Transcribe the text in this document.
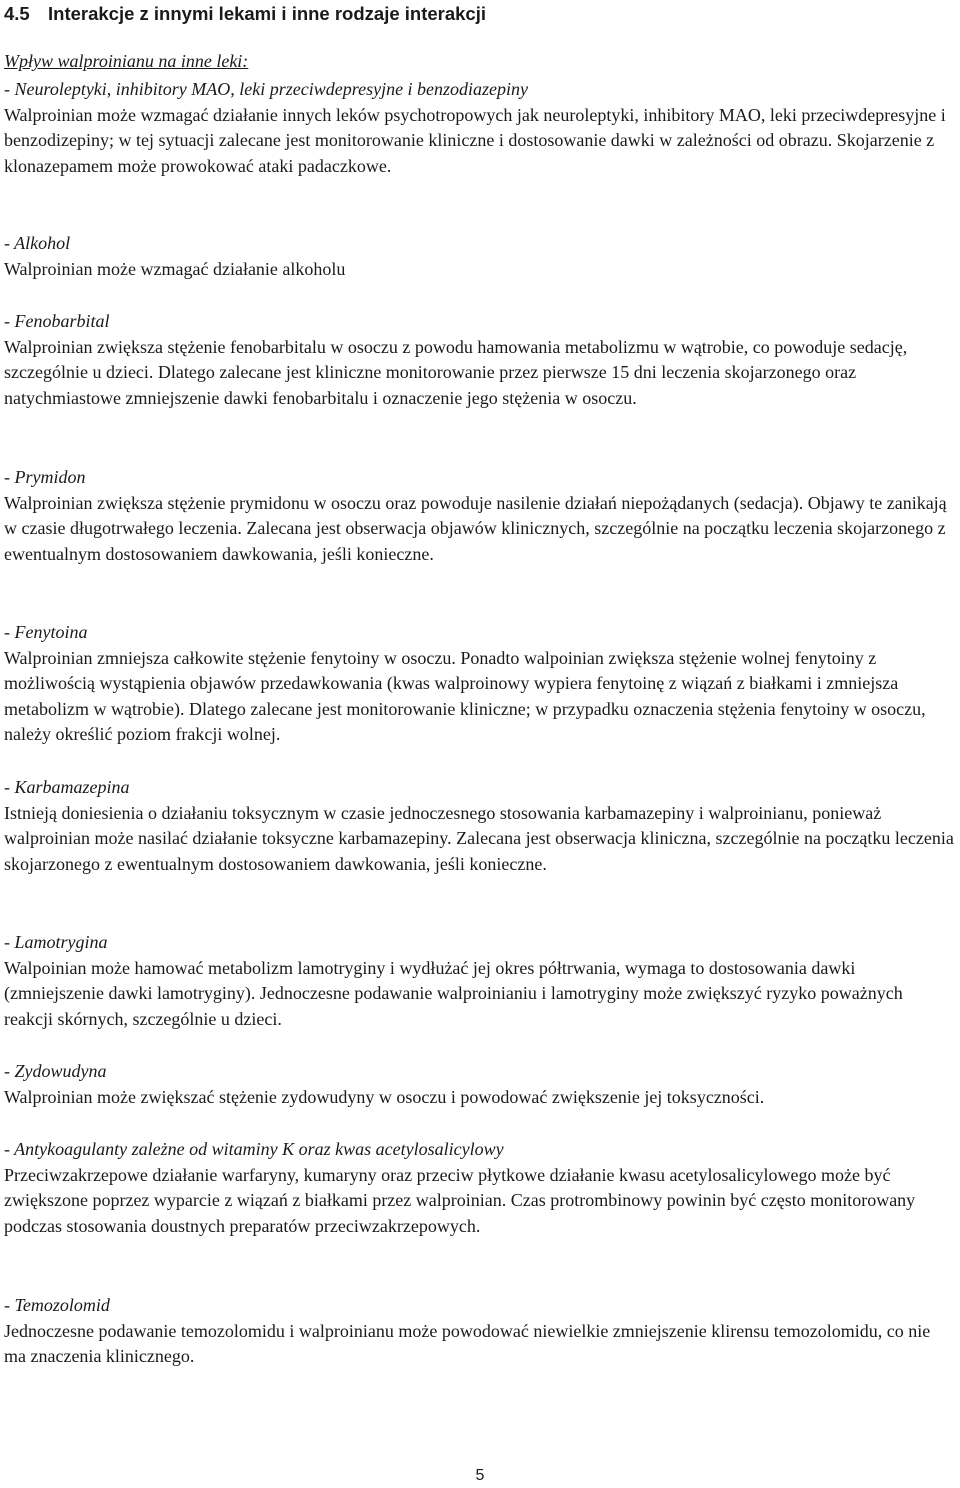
4.5 Interakcje z innymi lekami i inne rodzaje interakcji
Wpływ walproinianu na inne leki:
- Neuroleptyki, inhibitory MAO, leki przeciwdepresyjne i benzodiazepiny

Walproinian może wzmagać działanie innych leków psychotropowych jak neuroleptyki, inhibitory MAO, leki przeciwdepresyjne i benzodizepiny; w tej sytuacji zalecane jest monitorowanie kliniczne i dostosowanie dawki w zależności od obrazu. Skojarzenie z klonazepamem może prowokować ataki padaczkowe.

- Alkohol

Walproinian może wzmagać działanie alkoholu

- Fenobarbital

Walproinian zwiększa stężenie fenobarbitalu w osoczu z powodu hamowania metabolizmu w wątrobie, co powoduje sedację, szczególnie u dzieci. Dlatego zalecane jest kliniczne monitorowanie przez pierwsze 15 dni leczenia skojarzonego oraz natychmiastowe zmniejszenie dawki fenobarbitalu i oznaczenie jego stężenia w osoczu.

- Prymidon

Walproinian zwiększa stężenie prymidonu w osoczu oraz powoduje nasilenie działań niepożądanych (sedacja). Objawy te zanikają w czasie długotrwałego leczenia. Zalecana jest obserwacja objawów klinicznych, szczególnie na początku leczenia skojarzonego z ewentualnym dostosowaniem dawkowania, jeśli konieczne.

- Fenytoina

Walproinian zmniejsza całkowite stężenie fenytoiny w osoczu. Ponadto walpoinian zwiększa stężenie wolnej fenytoiny z możliwością wystąpienia objawów przedawkowania (kwas walproinowy wypiera fenytoinę z wiązań z białkami i zmniejsza metabolizm w wątrobie). Dlatego zalecane jest monitorowanie kliniczne; w przypadku oznaczenia stężenia fenytoiny w osoczu, należy określić poziom frakcji wolnej.

- Karbamazepina

Istnieją doniesienia o działaniu toksycznym w czasie jednoczesnego stosowania karbamazepiny i walproinianu, ponieważ walproinian może nasilać działanie toksyczne karbamazepiny. Zalecana jest obserwacja kliniczna, szczególnie na początku leczenia skojarzonego z ewentualnym dostosowaniem dawkowania, jeśli konieczne.

- Lamotrygina

Walpoinian może hamować metabolizm lamotryginy i wydłużać jej okres półtrwania, wymaga to dostosowania dawki (zmniejszenie dawki lamotryginy). Jednoczesne podawanie walproinianiu i lamotryginy może zwiększyć ryzyko poważnych reakcji skórnych, szczególnie u dzieci.

- Zydowudyna

Walproinian może zwiększać stężenie zydowudyny w osoczu i powodować zwiększenie jej toksyczności.

- Antykoagulanty zależne od witaminy K oraz kwas acetylosalicylowy

Przeciwzakrzepowe działanie warfaryny, kumaryny oraz przeciw płytkowe działanie kwasu acetylosalicylowego może być zwiększone poprzez wyparcie z wiązań z białkami przez walproinian. Czas protrombinowy powinin być często monitorowany podczas stosowania doustnych preparatów przeciwzakrzepowych.

- Temozolomid

Jednoczesne podawanie temozolomidu i walproinianu może powodować niewielkie zmniejszenie klirensu temozolomidu, co nie ma znaczenia klinicznego.

5
